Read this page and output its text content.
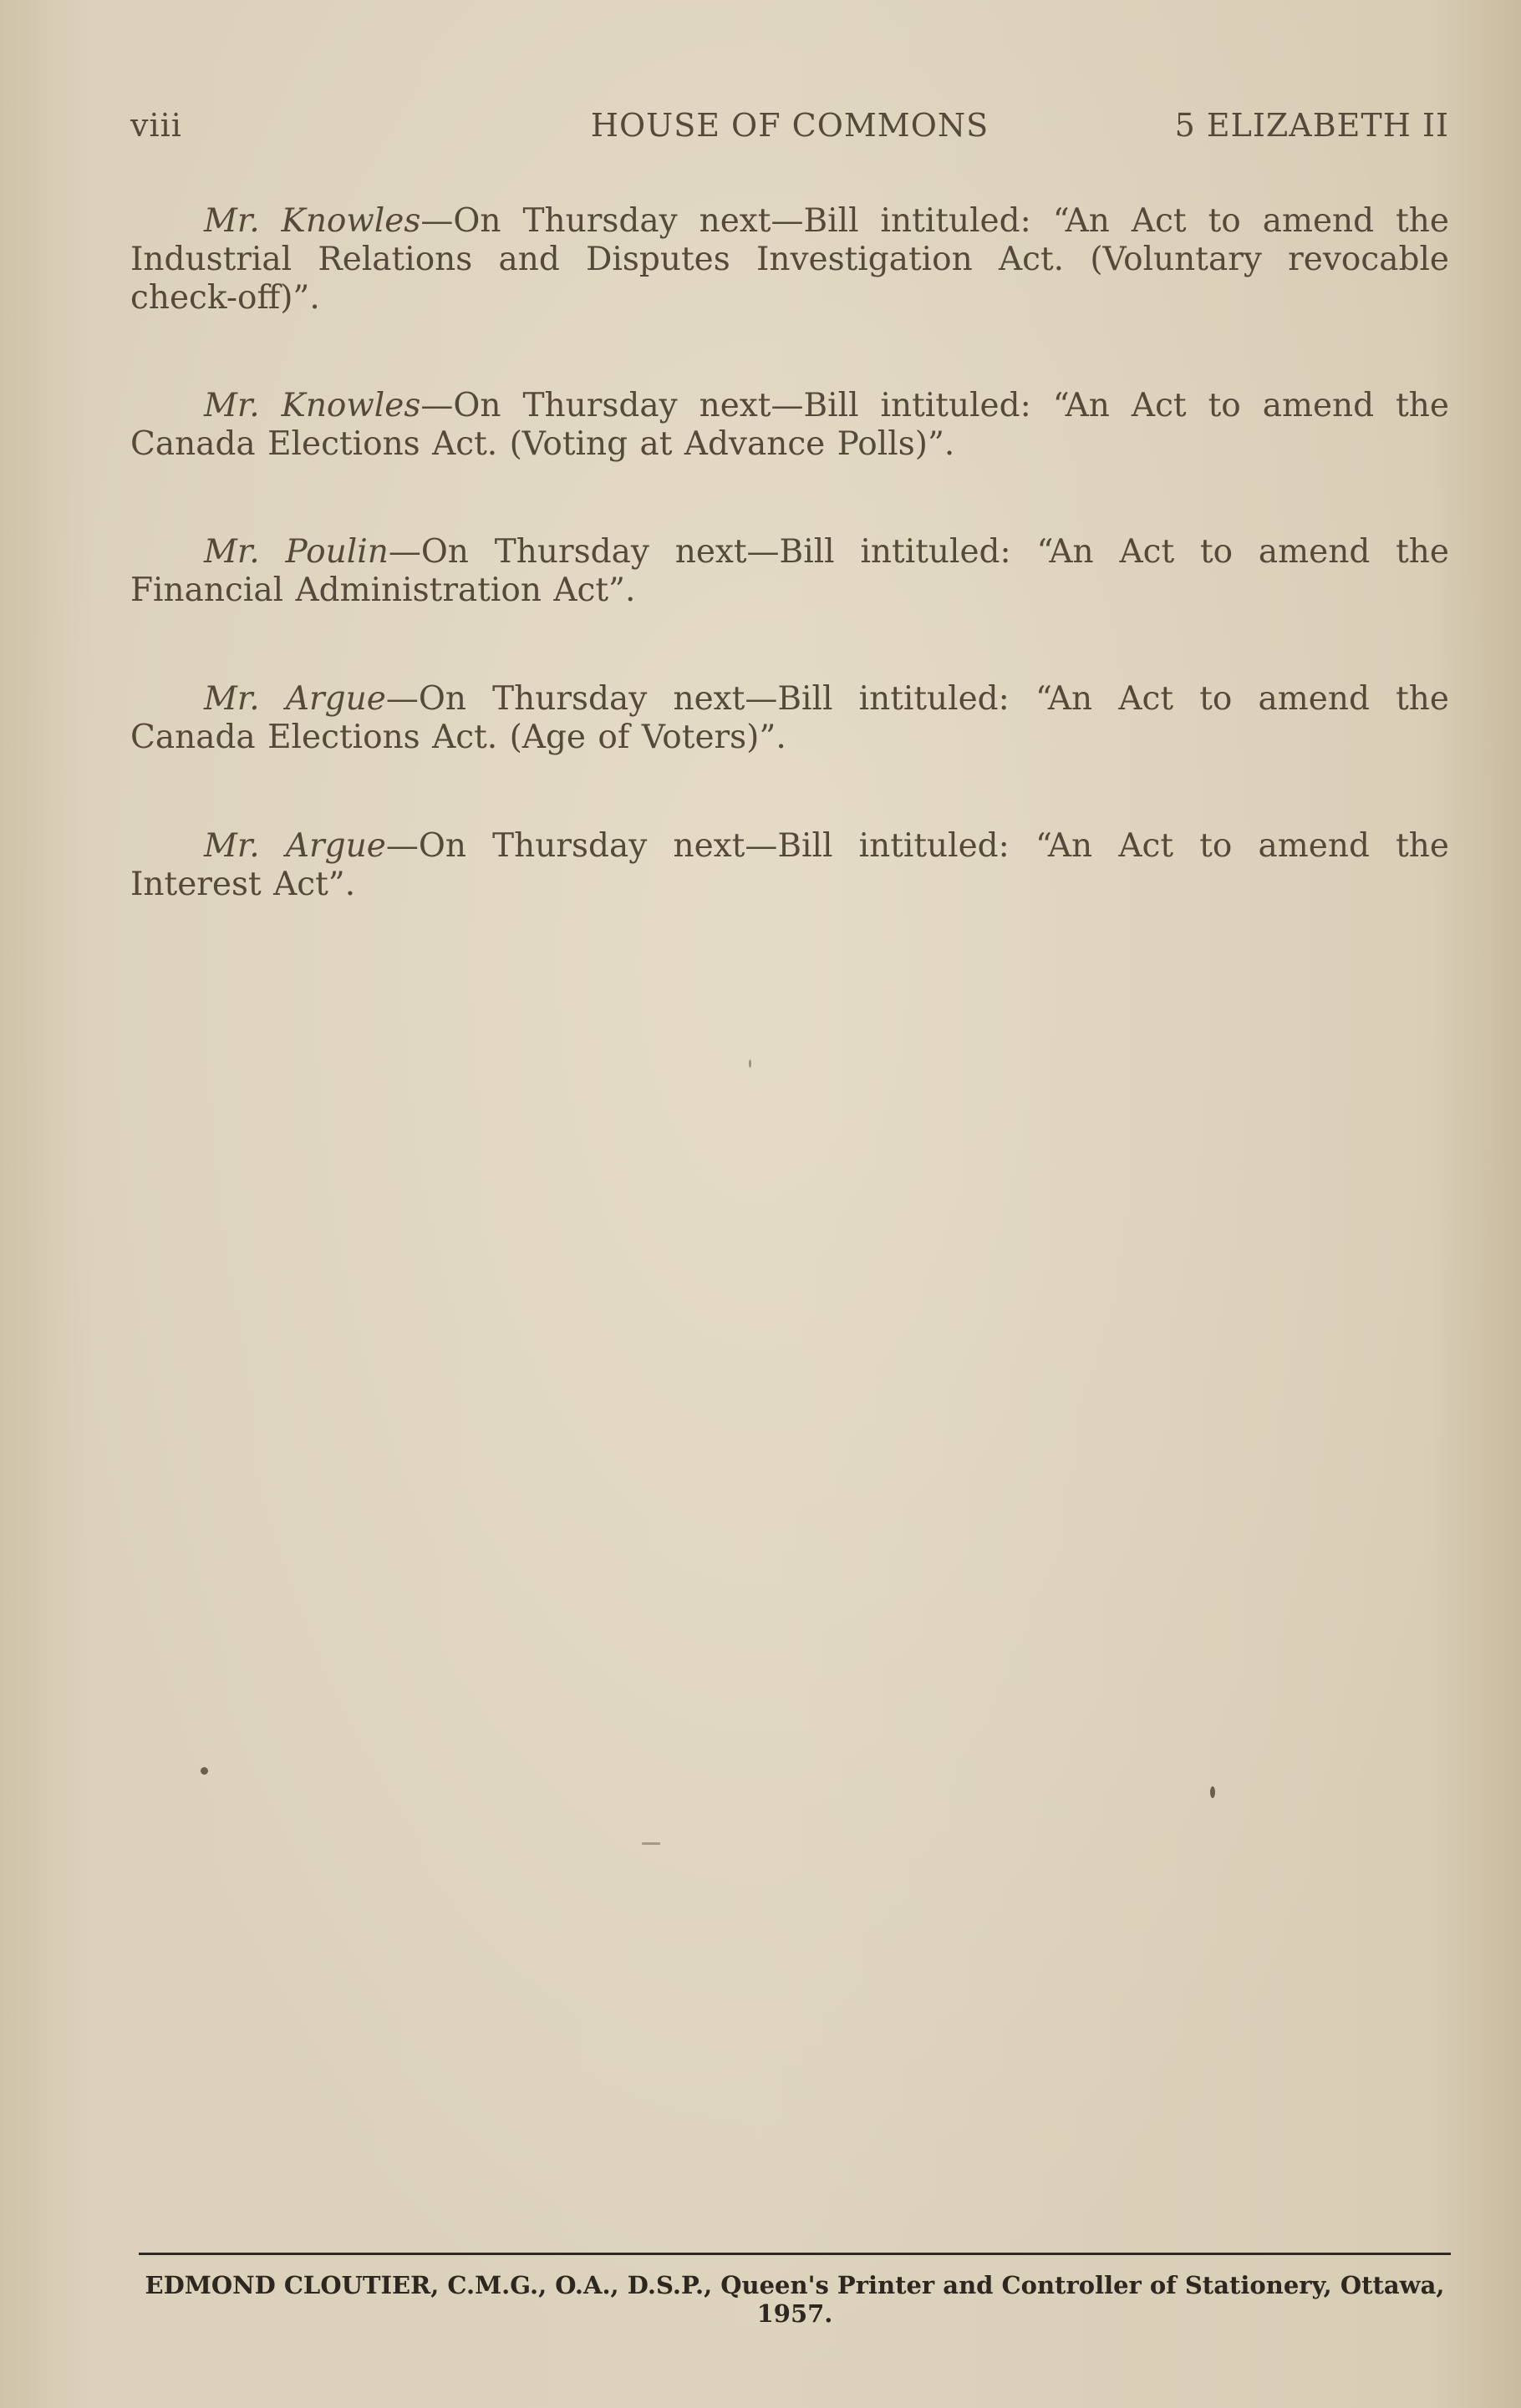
viii	HOUSE OF COMMONS	5 ELIZABETH II

Mr. Knowles—On Thursday next—Bill intituled: “An Act to amend the Industrial Relations and Disputes Investigation Act. (Voluntary revocable check-off)”.

Mr. Knowles—On Thursday next—Bill intituled: “An Act to amend the Canada Elections Act. (Voting at Advance Polls)”.

Mr. Poulin—On Thursday next—Bill intituled: “An Act to amend the Financial Administration Act”.

Mr. Argue—On Thursday next—Bill intituled: “An Act to amend the Canada Elections Act. (Age of Voters)”.

Mr. Argue—On Thursday next—Bill intituled: “An Act to amend the Interest Act”.

EDMOND CLOUTIER, C.M.G., O.A., D.S.P., Queen's Printer and Controller of Stationery, Ottawa, 1957.
